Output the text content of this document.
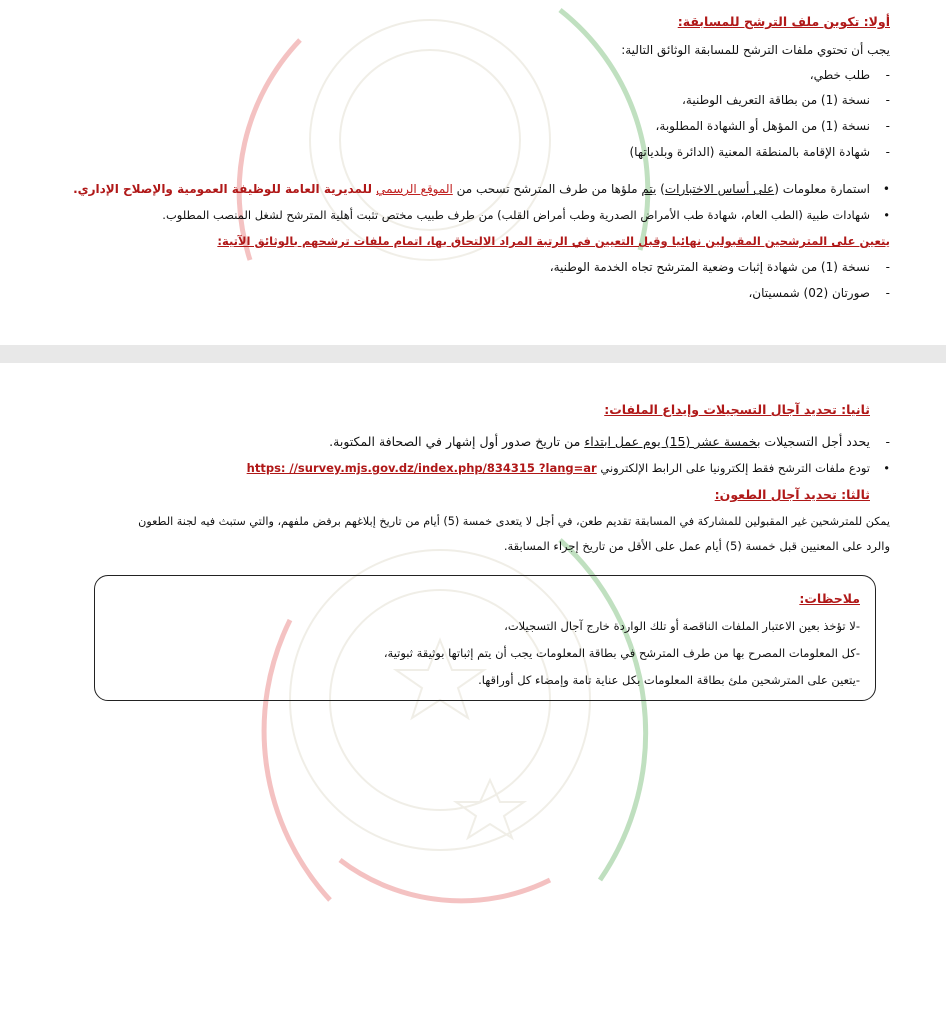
أولا: تكوين ملف الترشح للمسابقة:
يجب أن تحتوي ملفات الترشح للمسابقة الوثائق التالية:
- طلب خطي،
- نسخة (1) من بطاقة التعريف الوطنية،
- نسخة (1) من المؤهل أو الشهادة المطلوبة،
- شهادة الإقامة بالمنطقة المعنية (الدائرة وبلدياتها)
• استمارة معلومات (على أساس الاختبارات) يتم ملؤها من طرف المترشح تسحب من الموقع الرسمي للمديرية العامة للوظيفة العمومية والإصلاح الإداري.
• شهادات طبية (الطب العام، شهادة طب الأمراض الصدرية وطب أمراض القلب) من طرف طبيب مختص تثبت أهلية المترشح لشغل المنصب المطلوب.
يتعين على المترشحين المقبولين نهائيا وقبل التعيين في الرتبة المراد الالتحاق بها، اتمام ملفات ترشحهم بالوثائق الآتية:
- نسخة (1) من شهادة إثبات وضعية المترشح تجاه الخدمة الوطنية،
- صورتان (02) شمسيتان،
ثانيا: تحديد آجال التسجيلات وإيداع الملفات:
- يحدد أجل التسجيلات بخمسة عشر (15) يوم عمل ابتداء من تاريخ صدور أول إشهار في الصحافة المكتوبة.
• تودع ملفات الترشح فقط إلكترونيا على الرابط الإلكتروني https: //survey.mjs.gov.dz/index.php/834315 ?lang=ar
ثالثا: تحديد آجال الطعون:
يمكن للمترشحين غير المقبولين للمشاركة في المسابقة تقديم طعن، في أجل لا يتعدى خمسة (5) أيام من تاريخ إبلاغهم برفض ملفهم، والتي ستبث فيه لجنة الطعون
والرد على المعنيين قبل خمسة (5) أيام عمل على الأقل من تاريخ إجراء المسابقة.
ملاحظات:
-لا تؤخذ بعين الاعتبار الملفات الناقصة أو تلك الواردة خارج آجال التسجيلات،
-كل المعلومات المصرح بها من طرف المترشح في بطاقة المعلومات يجب أن يتم إثباتها بوثيقة ثبوتية،
-يتعين على المترشحين ملئ بطاقة المعلومات بكل عناية تامة وإمضاء كل أوراقها.
